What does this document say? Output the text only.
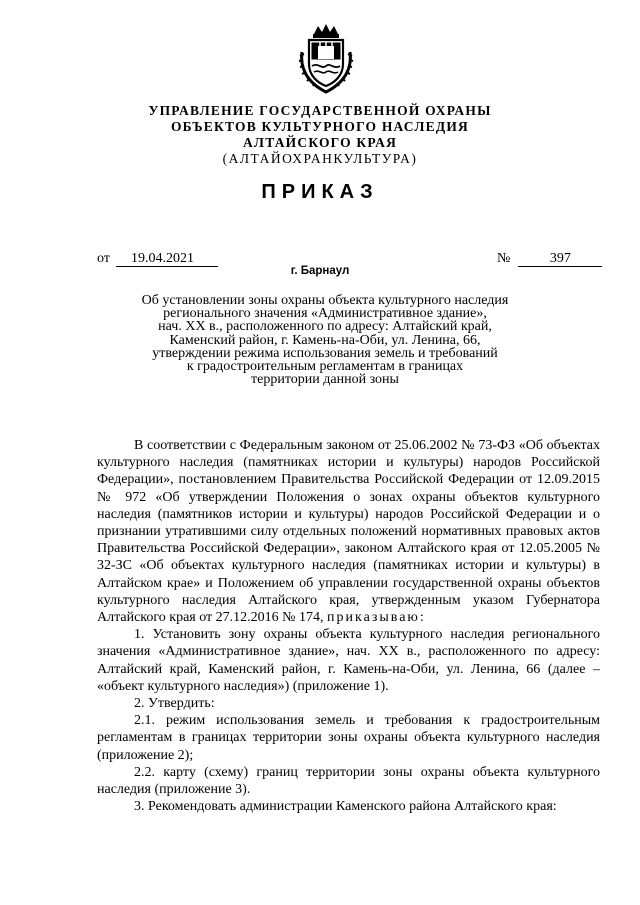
УПРАВЛЕНИЕ ГОСУДАРСТВЕННОЙ ОХРАНЫ
ОБЪЕКТОВ КУЛЬТУРНОГО НАСЛЕДИЯ
АЛТАЙСКОГО КРАЯ
(АЛТАЙОХРАНКУЛЬТУРА)
ПРИКАЗ
от 19.04.2021	№	397
г. Барнаул
Об установлении зоны охраны объекта культурного наследия
регионального значения «Административное здание»,
нач. XX в., расположенного по адресу: Алтайский край,
Каменский район, г. Камень-на-Оби, ул. Ленина, 66,
утверждении режима использования земель и требований
к градостроительным регламентам в границах
территории данной зоны

В соответствии с Федеральным законом от 25.06.2002 № 73-ФЗ «Об объектах культурного наследия (памятниках истории и культуры) народов Российской Федерации», постановлением Правительства Российской Федерации от 12.09.2015 № 972 «Об утверждении Положения о зонах охраны объектов культурного наследия (памятников истории и культуры) народов Российской Федерации и о признании утратившими силу отдельных положений нормативных правовых актов Правительства Российской Федерации», законом Алтайского края от 12.05.2005 № 32-ЗС «Об объектах культурного наследия (памятниках истории и культуры) в Алтайском крае» и Положением об управлении государственной охраны объектов культурного наследия Алтайского края, утвержденным указом Губернатора Алтайского края от 27.12.2016 № 174, приказываю:

1. Установить зону охраны объекта культурного наследия регионального значения «Административное здание», нач. XX в., расположенного по адресу: Алтайский край, Каменский район, г. Камень-на-Оби, ул. Ленина, 66 (далее – «объект культурного наследия») (приложение 1).

2. Утвердить:

2.1. режим использования земель и требования к градостроительным регламентам в границах территории зоны охраны объекта культурного наследия (приложение 2);

2.2. карту (схему) границ территории зоны охраны объекта культурного наследия (приложение 3).

3. Рекомендовать администрации Каменского района Алтайского края:
